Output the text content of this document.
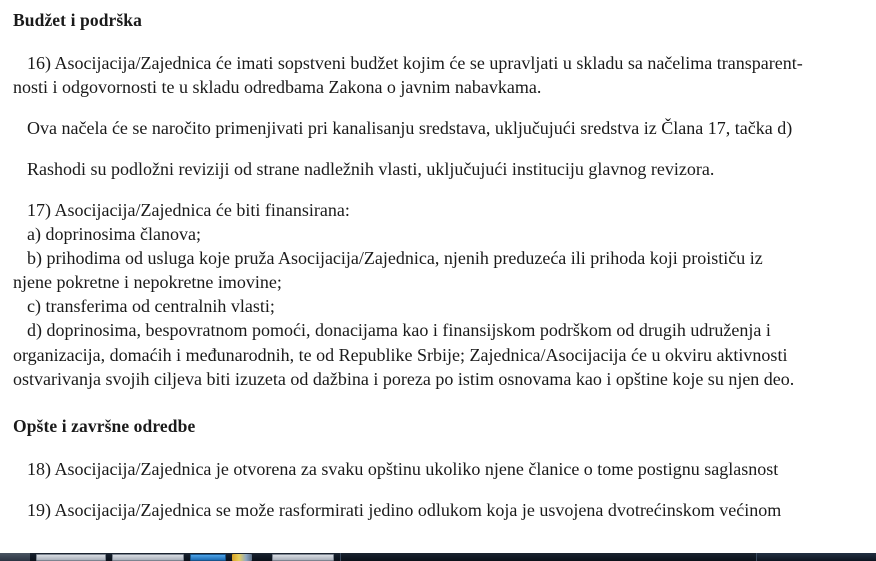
Budžet i podrška
16) Asocijacija/Zajednica će imati sopstveni budžet kojim će se upravljati u skladu sa načelima transparent-
nosti i odgovornosti te u skladu odredbama Zakona o javnim nabavkama.
Ova načela će se naročito primenjivati pri kanalisanju sredstava, uključujući sredstva iz Člana 17, tačka d)
Rashodi su podložni reviziji od strane nadležnih vlasti, uključujući instituciju glavnog revizora.
17) Asocijacija/Zajednica će biti finansirana:
a) doprinosima članova;
b) prihodima od usluga koje pruža Asocijacija/Zajednica, njenih preduzeća ili prihoda koji proističu iz
njene pokretne i nepokretne imovine;
c) transferima od centralnih vlasti;
d) doprinosima, bespovratnom pomoći, donacijama kao i finansijskom podrškom od drugih udruženja i
organizacija, domaćih i međunarodnih, te od Republike Srbije; Zajednica/Asocijacija će u okviru aktivnosti
ostvarivanja svojih ciljeva biti izuzeta od dažbina i poreza po istim osnovama kao i opštine koje su njen deo.
Opšte i završne odredbe
18) Asocijacija/Zajednica je otvorena za svaku opštinu ukoliko njene članice o tome postignu saglasnost
19) Asocijacija/Zajednica se može rasformirati jedino odlukom koja je usvojena dvotrećinskom većinom
